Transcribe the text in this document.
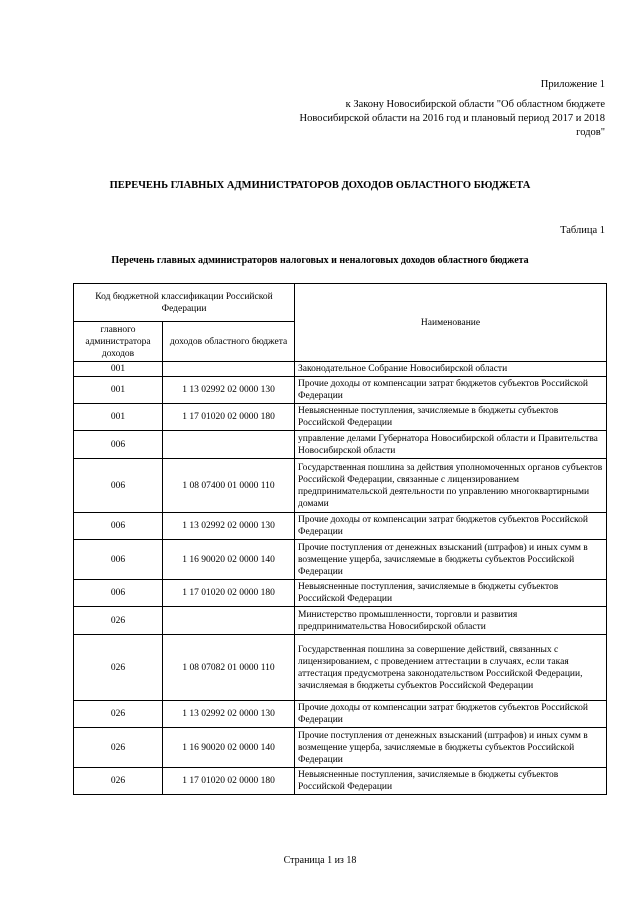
Приложение 1
к Закону Новосибирской области "Об областном бюджете Новосибирской области на 2016 год и плановый период 2017 и 2018 годов"
ПЕРЕЧЕНЬ ГЛАВНЫХ АДМИНИСТРАТОРОВ ДОХОДОВ ОБЛАСТНОГО БЮДЖЕТА
Таблица 1
Перечень главных администраторов налоговых и неналоговых доходов областного бюджета
Код бюджетной классификации Российской Федерации		Наименование
главного администратора доходов	доходов областного бюджета	
001		Законодательное Собрание Новосибирской области
001	1 13 02992 02 0000 130	Прочие доходы от компенсации затрат бюджетов субъектов Российской Федерации
001	1 17 01020 02 0000 180	Невыясненные поступления, зачисляемые в бюджеты субъектов Российской Федерации
006		управление делами Губернатора Новосибирской области и Правительства Новосибирской области
006	1 08 07400 01 0000 110	Государственная пошлина за действия уполномоченных органов субъектов Российской Федерации, связанные с лицензированием предпринимательской деятельности по управлению многоквартирными домами
006	1 13 02992 02 0000 130	Прочие доходы от компенсации затрат бюджетов субъектов Российской Федерации
006	1 16 90020 02 0000 140	Прочие поступления от денежных взысканий (штрафов) и иных сумм в возмещение ущерба, зачисляемые в бюджеты субъектов Российской Федерации
006	1 17 01020 02 0000 180	Невыясненные поступления, зачисляемые в бюджеты субъектов Российской Федерации
026		Министерство промышленности, торговли и развития предпринимательства Новосибирской области
026	1 08 07082 01 0000 110	Государственная пошлина за совершение действий, связанных с лицензированием, с проведением аттестации в случаях, если такая аттестация предусмотрена законодательством Российской Федерации, зачисляемая в бюджеты субъектов Российской Федерации
026	1 13 02992 02 0000 130	Прочие доходы от компенсации затрат бюджетов субъектов Российской Федерации
026	1 16 90020 02 0000 140	Прочие поступления от денежных взысканий (штрафов) и иных сумм в возмещение ущерба, зачисляемые в бюджеты субъектов Российской Федерации
026	1 17 01020 02 0000 180	Невыясненные поступления, зачисляемые в бюджеты субъектов Российской Федерации
Страница 1 из 18
